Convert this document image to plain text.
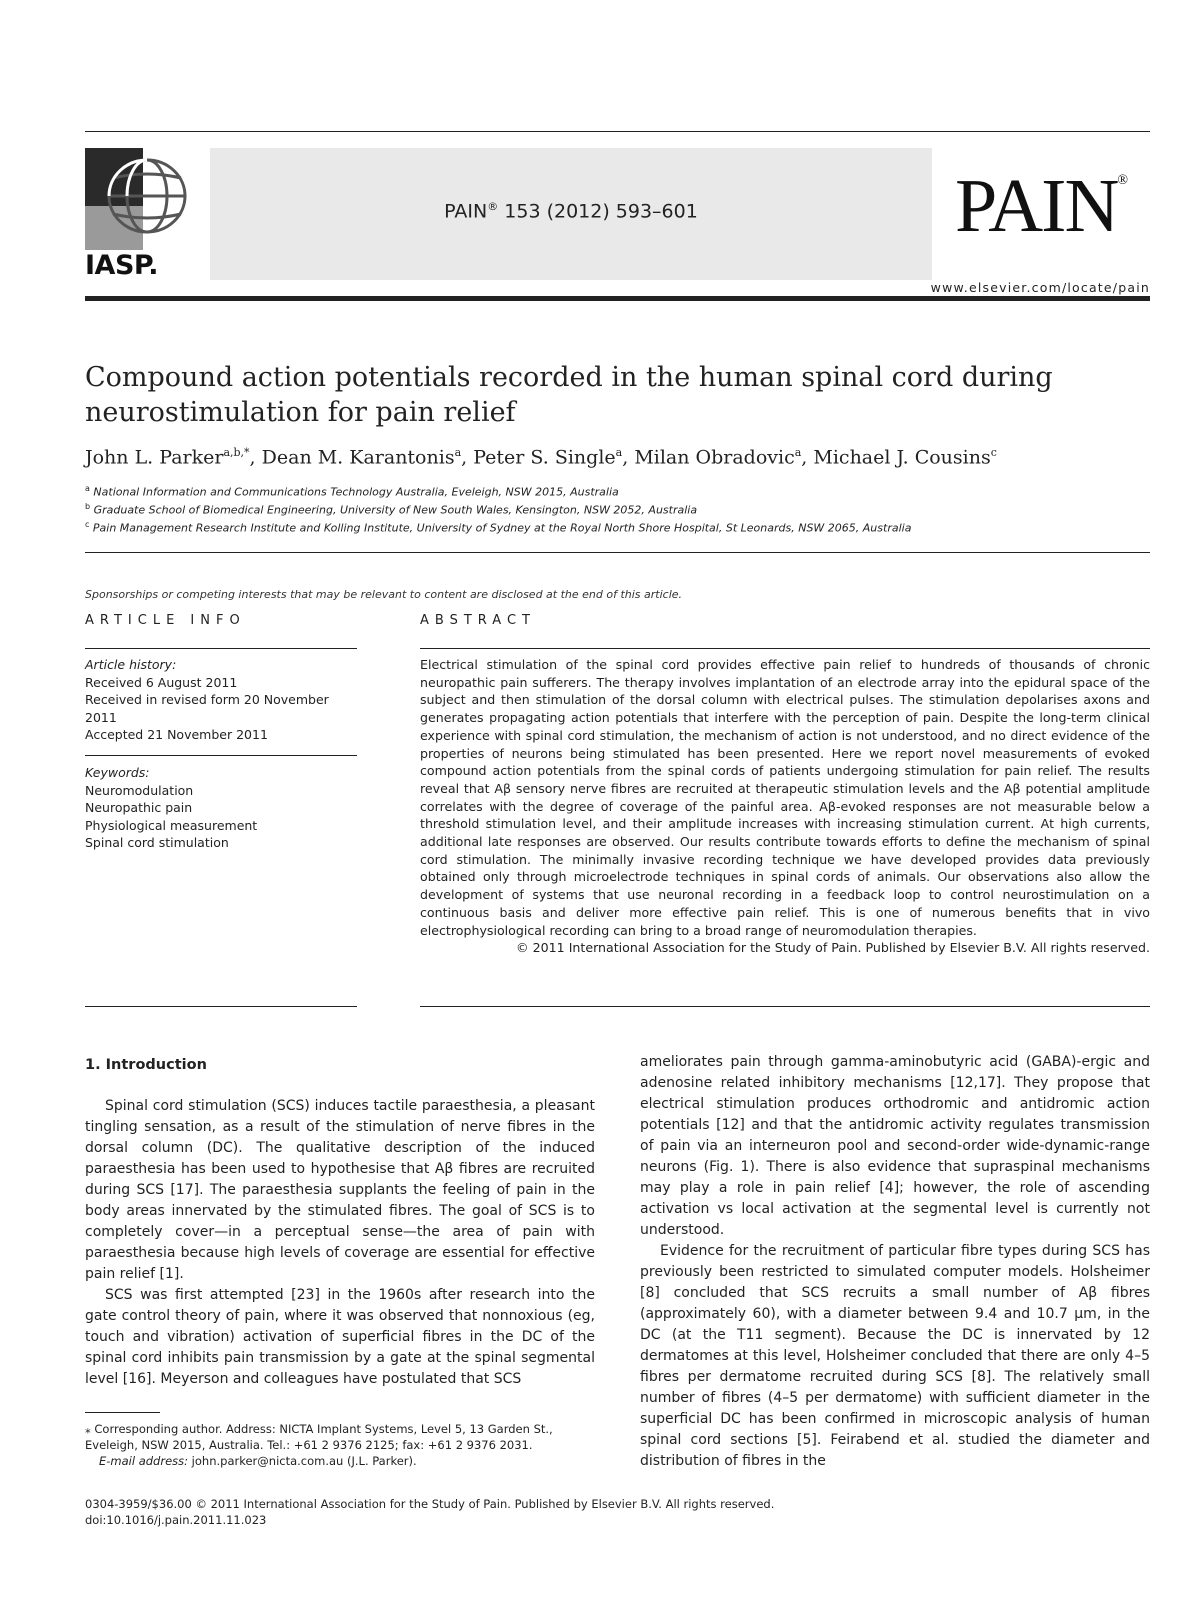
IASP.
PAIN® 153 (2012) 593–601	PAIN®
www.elsevier.com/locate/pain
Compound action potentials recorded in the human spinal cord during neurostimulation for pain relief
John L. Parker$^{a,b,*}$, Dean M. Karantonis$^a$, Peter S. Single$^a$, Milan Obradovic$^a$, Michael J. Cousins$^c$
$^a$ National Information and Communications Technology Australia, Eveleigh, NSW 2015, Australia
$^b$ Graduate School of Biomedical Engineering, University of New South Wales, Kensington, NSW 2052, Australia
$^c$ Pain Management Research Institute and Kolling Institute, University of Sydney at the Royal North Shore Hospital, St Leonards, NSW 2065, Australia
Sponsorships or competing interests that may be relevant to content are disclosed at the end of this article.
ARTICLE INFO	ABSTRACT
Article history:
Received 6 August 2011
Received in revised form 20 November 2011
Accepted 21 November 2011
Keywords:
Neuromodulation
Neuropathic pain
Physiological measurement
Spinal cord stimulation
Electrical stimulation of the spinal cord provides effective pain relief to hundreds of thousands of chronic neuropathic pain sufferers. The therapy involves implantation of an electrode array into the epidural space of the subject and then stimulation of the dorsal column with electrical pulses. The stimulation depolarises axons and generates propagating action potentials that interfere with the perception of pain. Despite the long-term clinical experience with spinal cord stimulation, the mechanism of action is not understood, and no direct evidence of the properties of neurons being stimulated has been presented. Here we report novel measurements of evoked compound action potentials from the spinal cords of patients undergoing stimulation for pain relief. The results reveal that Aβ sensory nerve fibres are recruited at therapeutic stimulation levels and the Aβ potential amplitude correlates with the degree of coverage of the painful area. Aβ-evoked responses are not measurable below a threshold stimulation level, and their amplitude increases with increasing stimulation current. At high currents, additional late responses are observed. Our results contribute towards efforts to define the mechanism of spinal cord stimulation. The minimally invasive recording technique we have developed provides data previously obtained only through microelectrode techniques in spinal cords of animals. Our observations also allow the development of systems that use neuronal recording in a feedback loop to control neurostimulation on a continuous basis and deliver more effective pain relief. This is one of numerous benefits that in vivo electrophysiological recording can bring to a broad range of neuromodulation therapies.
© 2011 International Association for the Study of Pain. Published by Elsevier B.V. All rights reserved.
1. Introduction

Spinal cord stimulation (SCS) induces tactile paraesthesia, a pleasant tingling sensation, as a result of the stimulation of nerve fibres in the dorsal column (DC). The qualitative description of the induced paraesthesia has been used to hypothesise that Aβ fibres are recruited during SCS [17]. The paraesthesia supplants the feeling of pain in the body areas innervated by the stimulated fibres. The goal of SCS is to completely cover—in a perceptual sense—the area of pain with paraesthesia because high levels of coverage are essential for effective pain relief [1].

SCS was first attempted [23] in the 1960s after research into the gate control theory of pain, where it was observed that nonnoxious (eg, touch and vibration) activation of superficial fibres in the DC of the spinal cord inhibits pain transmission by a gate at the spinal segmental level [16]. Meyerson and colleagues have postulated that SCS

ameliorates pain through gamma-aminobutyric acid (GABA)-ergic and adenosine related inhibitory mechanisms [12,17]. They propose that electrical stimulation produces orthodromic and antidromic action potentials [12] and that the antidromic activity regulates transmission of pain via an interneuron pool and second-order wide-dynamic-range neurons (Fig. 1). There is also evidence that supraspinal mechanisms may play a role in pain relief [4]; however, the role of ascending activation vs local activation at the segmental level is currently not understood.

Evidence for the recruitment of particular fibre types during SCS has previously been restricted to simulated computer models. Holsheimer [8] concluded that SCS recruits a small number of Aβ fibres (approximately 60), with a diameter between 9.4 and 10.7 μm, in the DC (at the T11 segment). Because the DC is innervated by 12 dermatomes at this level, Holsheimer concluded that there are only 4–5 fibres per dermatome recruited during SCS [8]. The relatively small number of fibres (4–5 per dermatome) with sufficient diameter in the superficial DC has been confirmed in microscopic analysis of human spinal cord sections [5]. Feirabend et al. studied the diameter and distribution of fibres in the

⁎ Corresponding author. Address: NICTA Implant Systems, Level 5, 13 Garden St., Eveleigh, NSW 2015, Australia. Tel.: +61 2 9376 2125; fax: +61 2 9376 2031.
E-mail address: john.parker@nicta.com.au (J.L. Parker).
0304-3959/$36.00 © 2011 International Association for the Study of Pain. Published by Elsevier B.V. All rights reserved.
doi:10.1016/j.pain.2011.11.023
